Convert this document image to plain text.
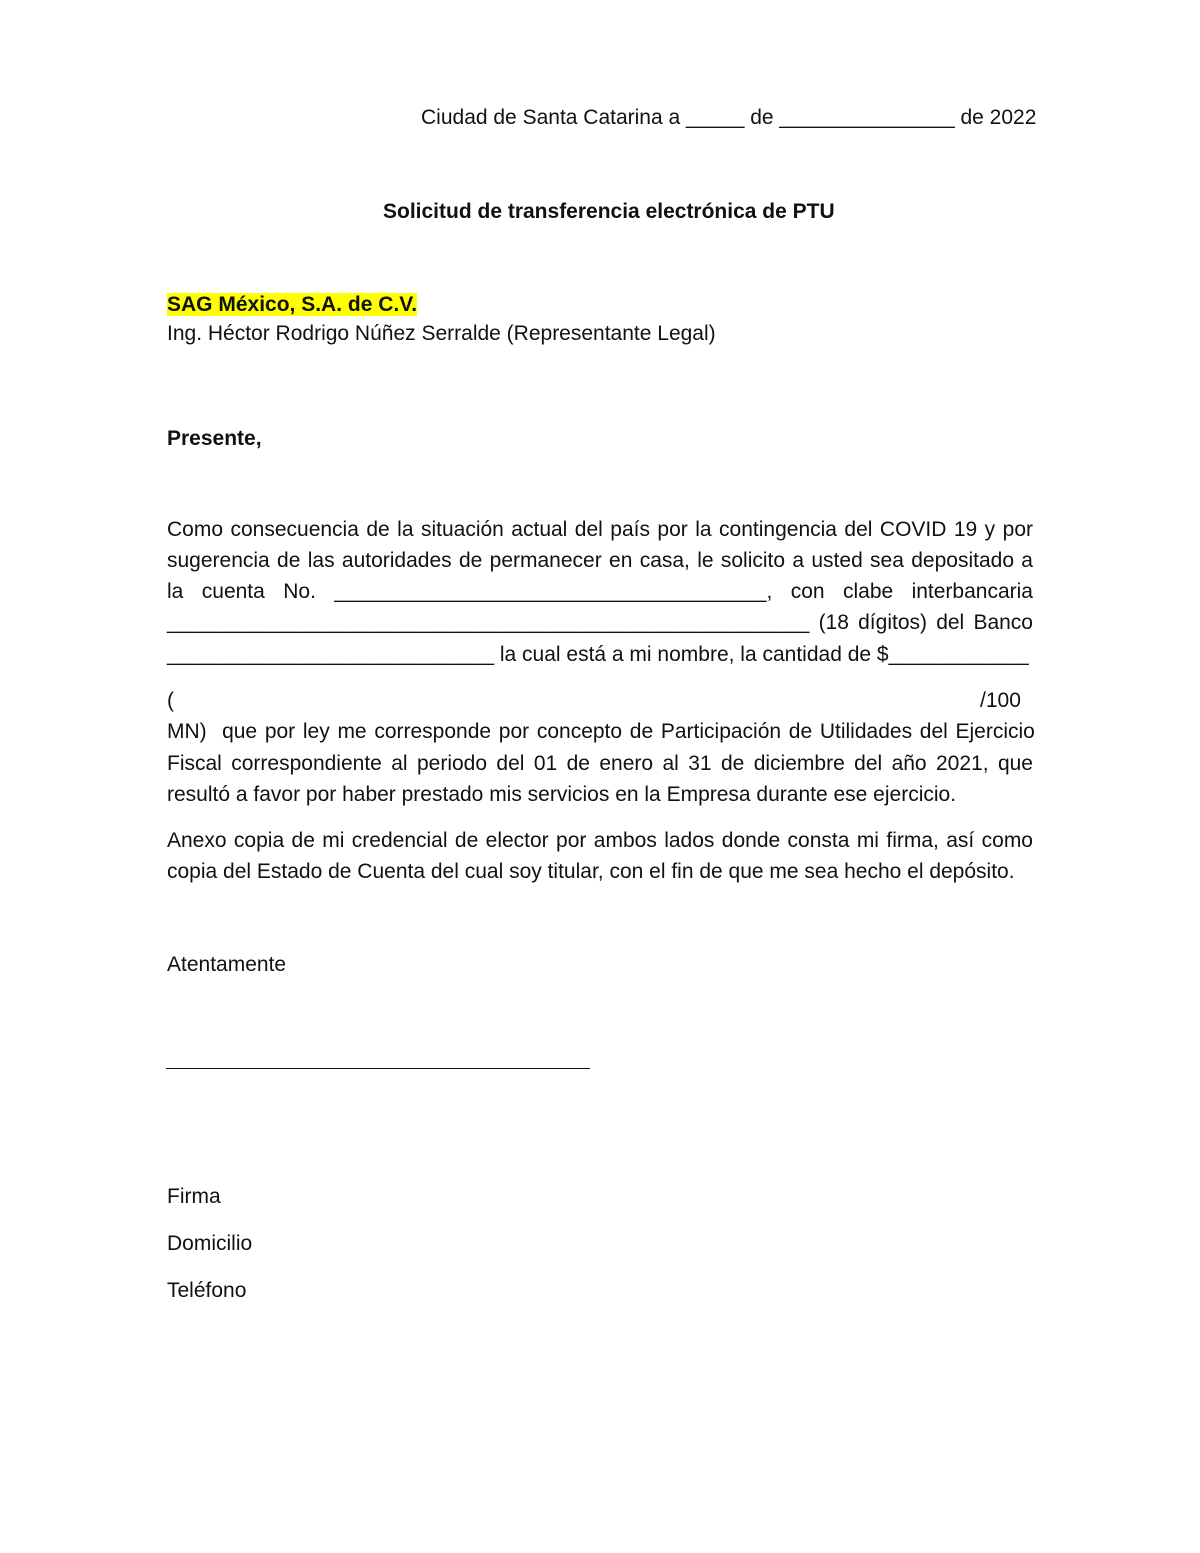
Ciudad de Santa Catarina a _____ de _______________ de 2022
Solicitud de transferencia electrónica de PTU
SAG México, S.A. de C.V.
Ing. Héctor Rodrigo Núñez Serralde (Representante Legal)
Presente,
Como consecuencia de la situación actual del país por la contingencia del COVID 19 y por
sugerencia de las autoridades de permanecer en casa, le solicito a usted sea depositado a
la cuenta No. _____________________________________, con clabe interbancaria
_______________________________________________________ (18 dígitos) del Banco
____________________________ la cual está a mi nombre, la cantidad de $____________
(	/100
MN)  que por ley me corresponde por concepto de Participación de Utilidades del Ejercicio
Fiscal correspondiente al periodo del 01 de enero al 31 de diciembre del año 2021, que
resultó a favor por haber prestado mis servicios en la Empresa durante ese ejercicio.
Anexo copia de mi credencial de elector por ambos lados donde consta mi firma, así como
copia del Estado de Cuenta del cual soy titular, con el fin de que me sea hecho el depósito.
Atentamente
Firma
Domicilio
Teléfono
